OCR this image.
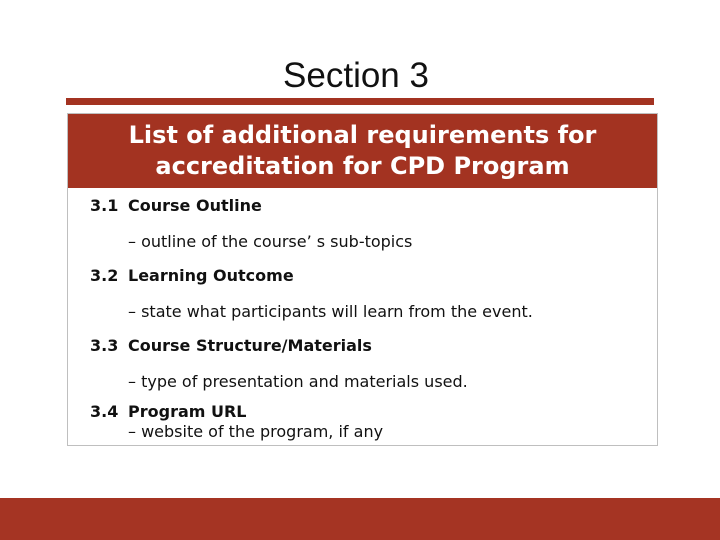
Section 3
List of additional requirements for
accreditation for CPD Program
3.1 Course Outline
– outline of the course’ s sub-topics
3.2 Learning Outcome
– state what participants will learn from the event.
3.3 Course Structure/Materials
– type of presentation and materials used.
3.4 Program URL
– website of the program, if any
